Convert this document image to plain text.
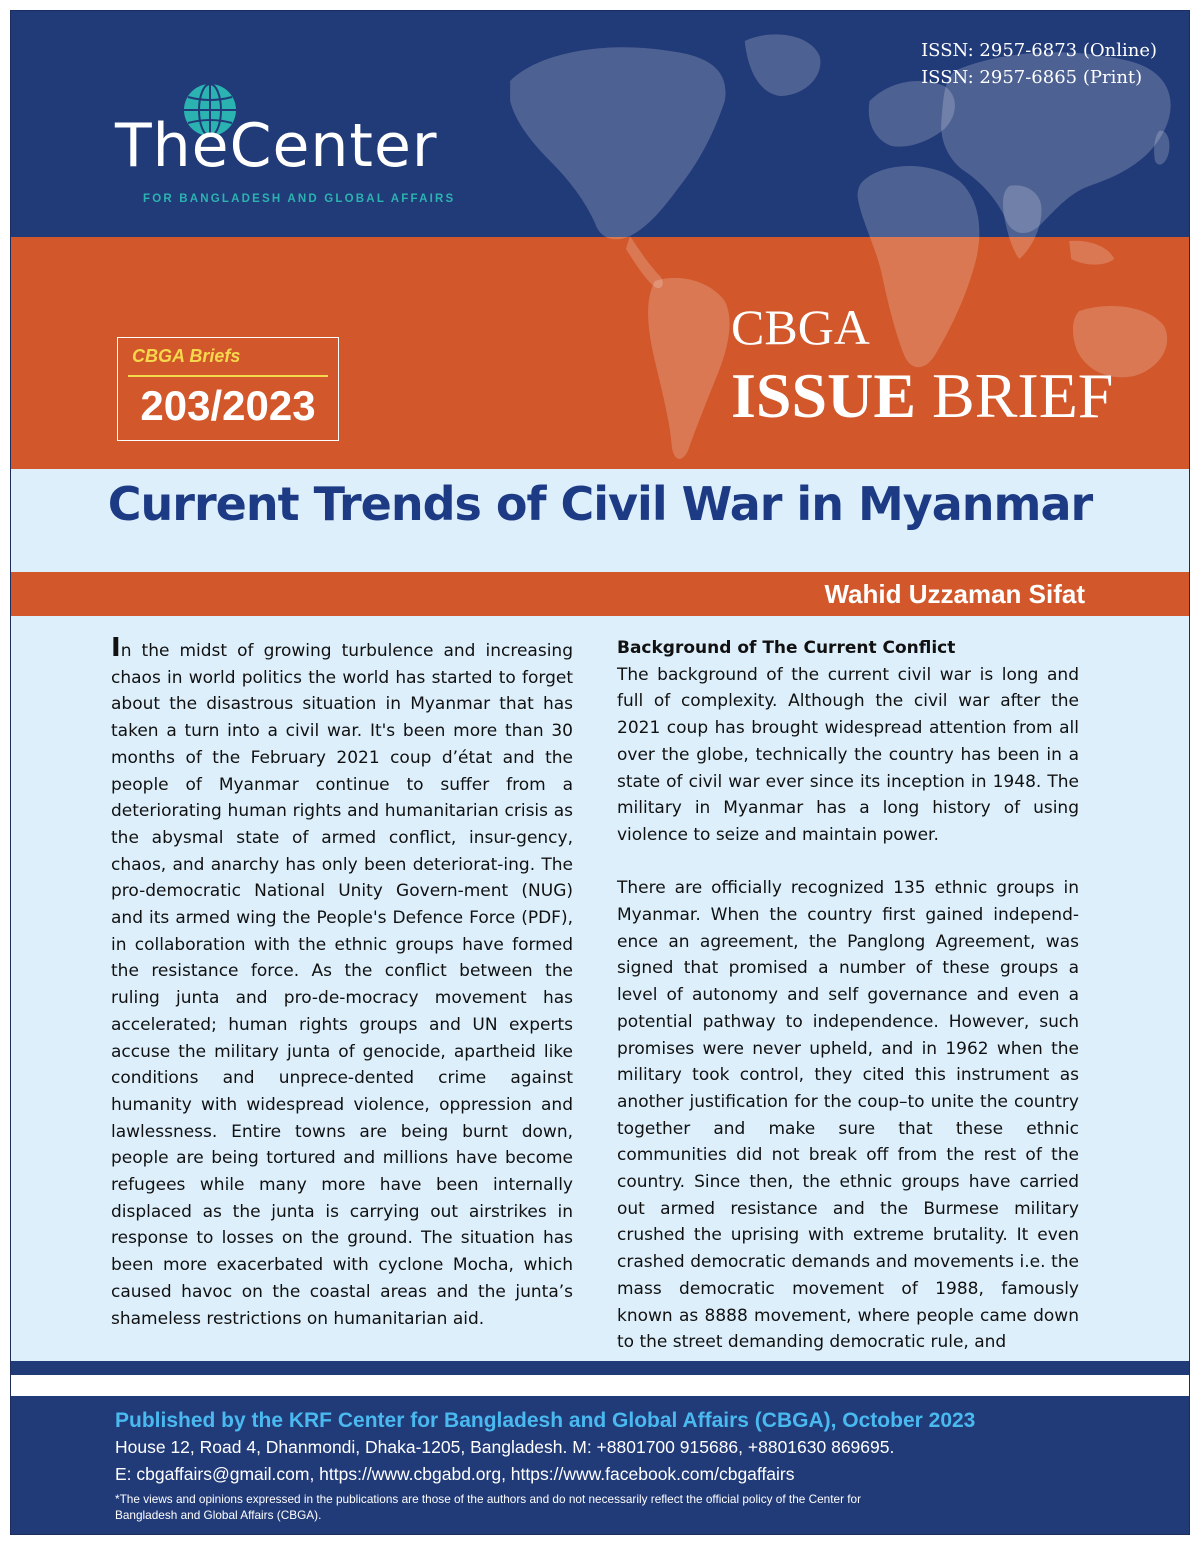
ISSN: 2957-6873 (Online)
ISSN: 2957-6865 (Print)
TheCenter
FOR BANGLADESH AND GLOBAL AFFAIRS
CBGA Briefs
203/2023
CBGA
ISSUE BRIEF
Current Trends of Civil War in Myanmar
Wahid Uzzaman Sifat

In the midst of growing turbulence and increasing chaos in world politics the world has started to forget about the disastrous situation in Myanmar that has taken a turn into a civil war. It's been more than 30 months of the February 2021 coup d’état and the people of Myanmar continue to suffer from a deteriorating human rights and humanitarian crisis as the abysmal state of armed conflict, insur-gency, chaos, and anarchy has only been deteriorat-ing. The pro-democratic National Unity Govern-ment (NUG) and its armed wing the People's Defence Force (PDF), in collaboration with the ethnic groups have formed the resistance force. As the conflict between the ruling junta and pro-de-mocracy movement has accelerated; human rights groups and UN experts accuse the military junta of genocide, apartheid like conditions and unprece-dented crime against humanity with widespread violence, oppression and lawlessness. Entire towns are being burnt down, people are being tortured and millions have become refugees while many more have been internally displaced as the junta is carrying out airstrikes in response to losses on the ground. The situation has been more exacerbated with cyclone Mocha, which caused havoc on the coastal areas and the junta’s shameless restrictions on humanitarian aid.

Background of The Current Conflict

The background of the current civil war is long and full of complexity. Although the civil war after the 2021 coup has brought widespread attention from all over the globe, technically the country has been in a state of civil war ever since its inception in 1948. The military in Myanmar has a long history of using violence to seize and maintain power.

There are officially recognized 135 ethnic groups in Myanmar. When the country first gained independ-ence an agreement, the Panglong Agreement, was signed that promised a number of these groups a level of autonomy and self governance and even a potential pathway to independence. However, such promises were never upheld, and in 1962 when the military took control, they cited this instrument as another justification for the coup–to unite the country together and make sure that these ethnic communities did not break off from the rest of the country. Since then, the ethnic groups have carried out armed resistance and the Burmese military crushed the uprising with extreme brutality. It even crashed democratic demands and movements i.e. the mass democratic movement of 1988, famously known as 8888 movement, where people came down to the street demanding democratic rule, and

Published by the KRF Center for Bangladesh and Global Affairs (CBGA), October 2023
House 12, Road 4, Dhanmondi, Dhaka-1205, Bangladesh. M: +8801700 915686, +8801630 869695.
E: cbgaffairs@gmail.com, https://www.cbgabd.org, https://www.facebook.com/cbgaffairs
*The views and opinions expressed in the publications are those of the authors and do not necessarily reflect the official policy of the Center for Bangladesh and Global Affairs (CBGA).
